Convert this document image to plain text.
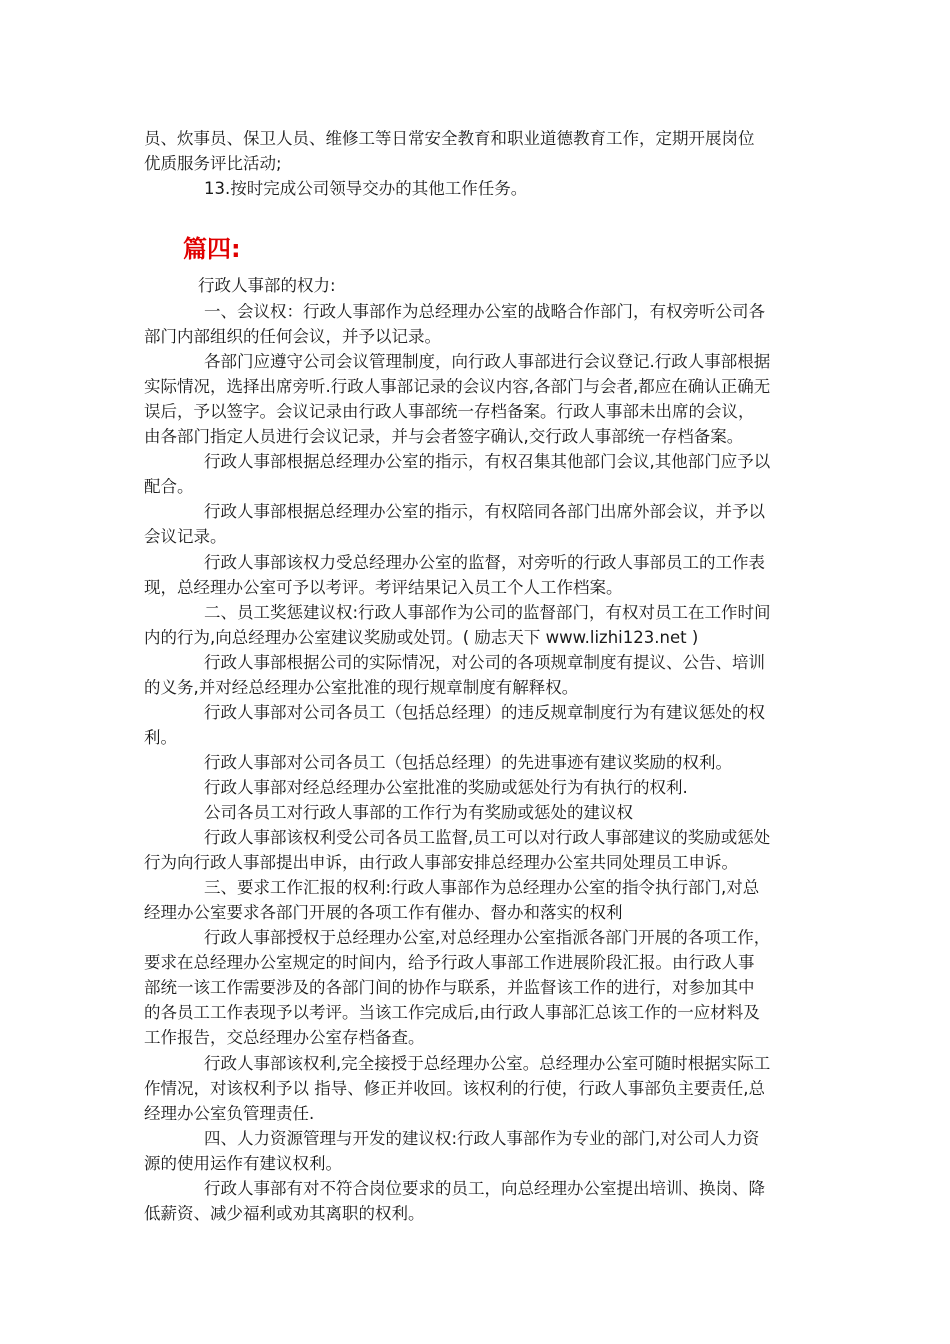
员、炊事员、保卫人员、维修工等日常安全教育和职业道德教育工作，定期开展岗位
优质服务评比活动;
13.按时完成公司领导交办的其他工作任务。
篇四:
行政人事部的权力:
一、会议权：行政人事部作为总经理办公室的战略合作部门，有权旁听公司各
部门内部组织的任何会议，并予以记录。
各部门应遵守公司会议管理制度，向行政人事部进行会议登记.行政人事部根据
实际情况，选择出席旁听.行政人事部记录的会议内容,各部门与会者,都应在确认正确无
误后，予以签字。会议记录由行政人事部统一存档备案。行政人事部未出席的会议，
由各部门指定人员进行会议记录，并与会者签字确认,交行政人事部统一存档备案。
行政人事部根据总经理办公室的指示，有权召集其他部门会议,其他部门应予以
配合。
行政人事部根据总经理办公室的指示，有权陪同各部门出席外部会议，并予以
会议记录。
行政人事部该权力受总经理办公室的监督，对旁听的行政人事部员工的工作表
现，总经理办公室可予以考评。考评结果记入员工个人工作档案。
二、员工奖惩建议权:行政人事部作为公司的监督部门，有权对员工在工作时间
内的行为,向总经理办公室建议奖励或处罚。( 励志天下 www.lizhi123.net )
行政人事部根据公司的实际情况，对公司的各项规章制度有提议、公告、培训
的义务,并对经总经理办公室批准的现行规章制度有解释权。
行政人事部对公司各员工（包括总经理）的违反规章制度行为有建议惩处的权
利。
行政人事部对公司各员工（包括总经理）的先进事迹有建议奖励的权利。
行政人事部对经总经理办公室批准的奖励或惩处行为有执行的权利.
公司各员工对行政人事部的工作行为有奖励或惩处的建议权
行政人事部该权利受公司各员工监督,员工可以对行政人事部建议的奖励或惩处
行为向行政人事部提出申诉，由行政人事部安排总经理办公室共同处理员工申诉。
三、要求工作汇报的权利:行政人事部作为总经理办公室的指令执行部门,对总
经理办公室要求各部门开展的各项工作有催办、督办和落实的权利
行政人事部授权于总经理办公室,对总经理办公室指派各部门开展的各项工作，
要求在总经理办公室规定的时间内，给予行政人事部工作进展阶段汇报。由行政人事
部统一该工作需要涉及的各部门间的协作与联系，并监督该工作的进行，对参加其中
的各员工工作表现予以考评。当该工作完成后,由行政人事部汇总该工作的一应材料及
工作报告，交总经理办公室存档备查。
行政人事部该权利,完全接授于总经理办公室。总经理办公室可随时根据实际工
作情况，对该权利予以 指导、修正并收回。该权利的行使，行政人事部负主要责任,总
经理办公室负管理责任.
四、人力资源管理与开发的建议权:行政人事部作为专业的部门,对公司人力资
源的使用运作有建议权利。
行政人事部有对不符合岗位要求的员工，向总经理办公室提出培训、换岗、降
低薪资、减少福利或劝其离职的权利。
